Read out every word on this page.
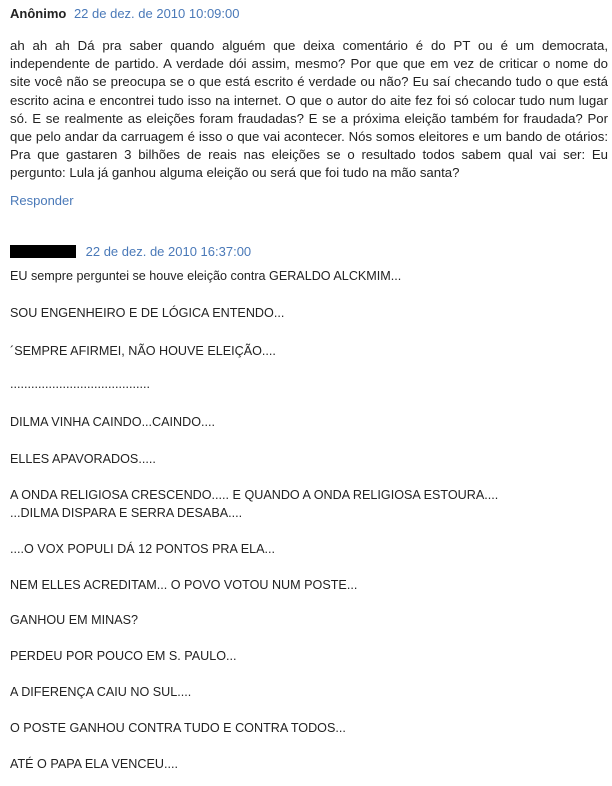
Anônimo 22 de dez. de 2010 10:09:00
ah ah ah Dá pra saber quando alguém que deixa comentário é do PT ou é um democrata, independente de partido. A verdade dói assim, mesmo? Por que que em vez de criticar o nome do site você não se preocupa se o que está escrito é verdade ou não? Eu saí checando tudo o que está escrito acina e encontrei tudo isso na internet. O que o autor do aite fez foi só colocar tudo num lugar só. E se realmente as eleições foram fraudadas? E se a próxima eleição também for fraudada? Por que pelo andar da carruagem é isso o que vai acontecer. Nós somos eleitores e um bando de otários: Pra que gastaren 3 bilhões de reais nas eleições se o resultado todos sabem qual vai ser: Eu pergunto: Lula já ganhou alguma eleição ou será que foi tudo na mão santa?
Responder
22 de dez. de 2010 16:37:00
EU sempre perguntei se houve eleição contra GERALDO ALCKMIM...
SOU ENGENHEIRO E DE LÓGICA ENTENDO...
´SEMPRE AFIRMEI, NÃO HOUVE ELEIÇÃO....
........................................
DILMA VINHA CAINDO...CAINDO....
ELLES APAVORADOS.....
A ONDA RELIGIOSA CRESCENDO..... E QUANDO A ONDA RELIGIOSA ESTOURA....
...DILMA DISPARA E SERRA DESABA....
....O VOX POPULI DÁ 12 PONTOS PRA ELA...
NEM ELLES ACREDITAM... O POVO VOTOU NUM POSTE...
GANHOU EM MINAS?
PERDEU POR POUCO EM S. PAULO...
A DIFERENÇA CAIU NO SUL....
O POSTE GANHOU CONTRA TUDO E CONTRA TODOS...
ATÉ O PAPA ELA VENCEU....
